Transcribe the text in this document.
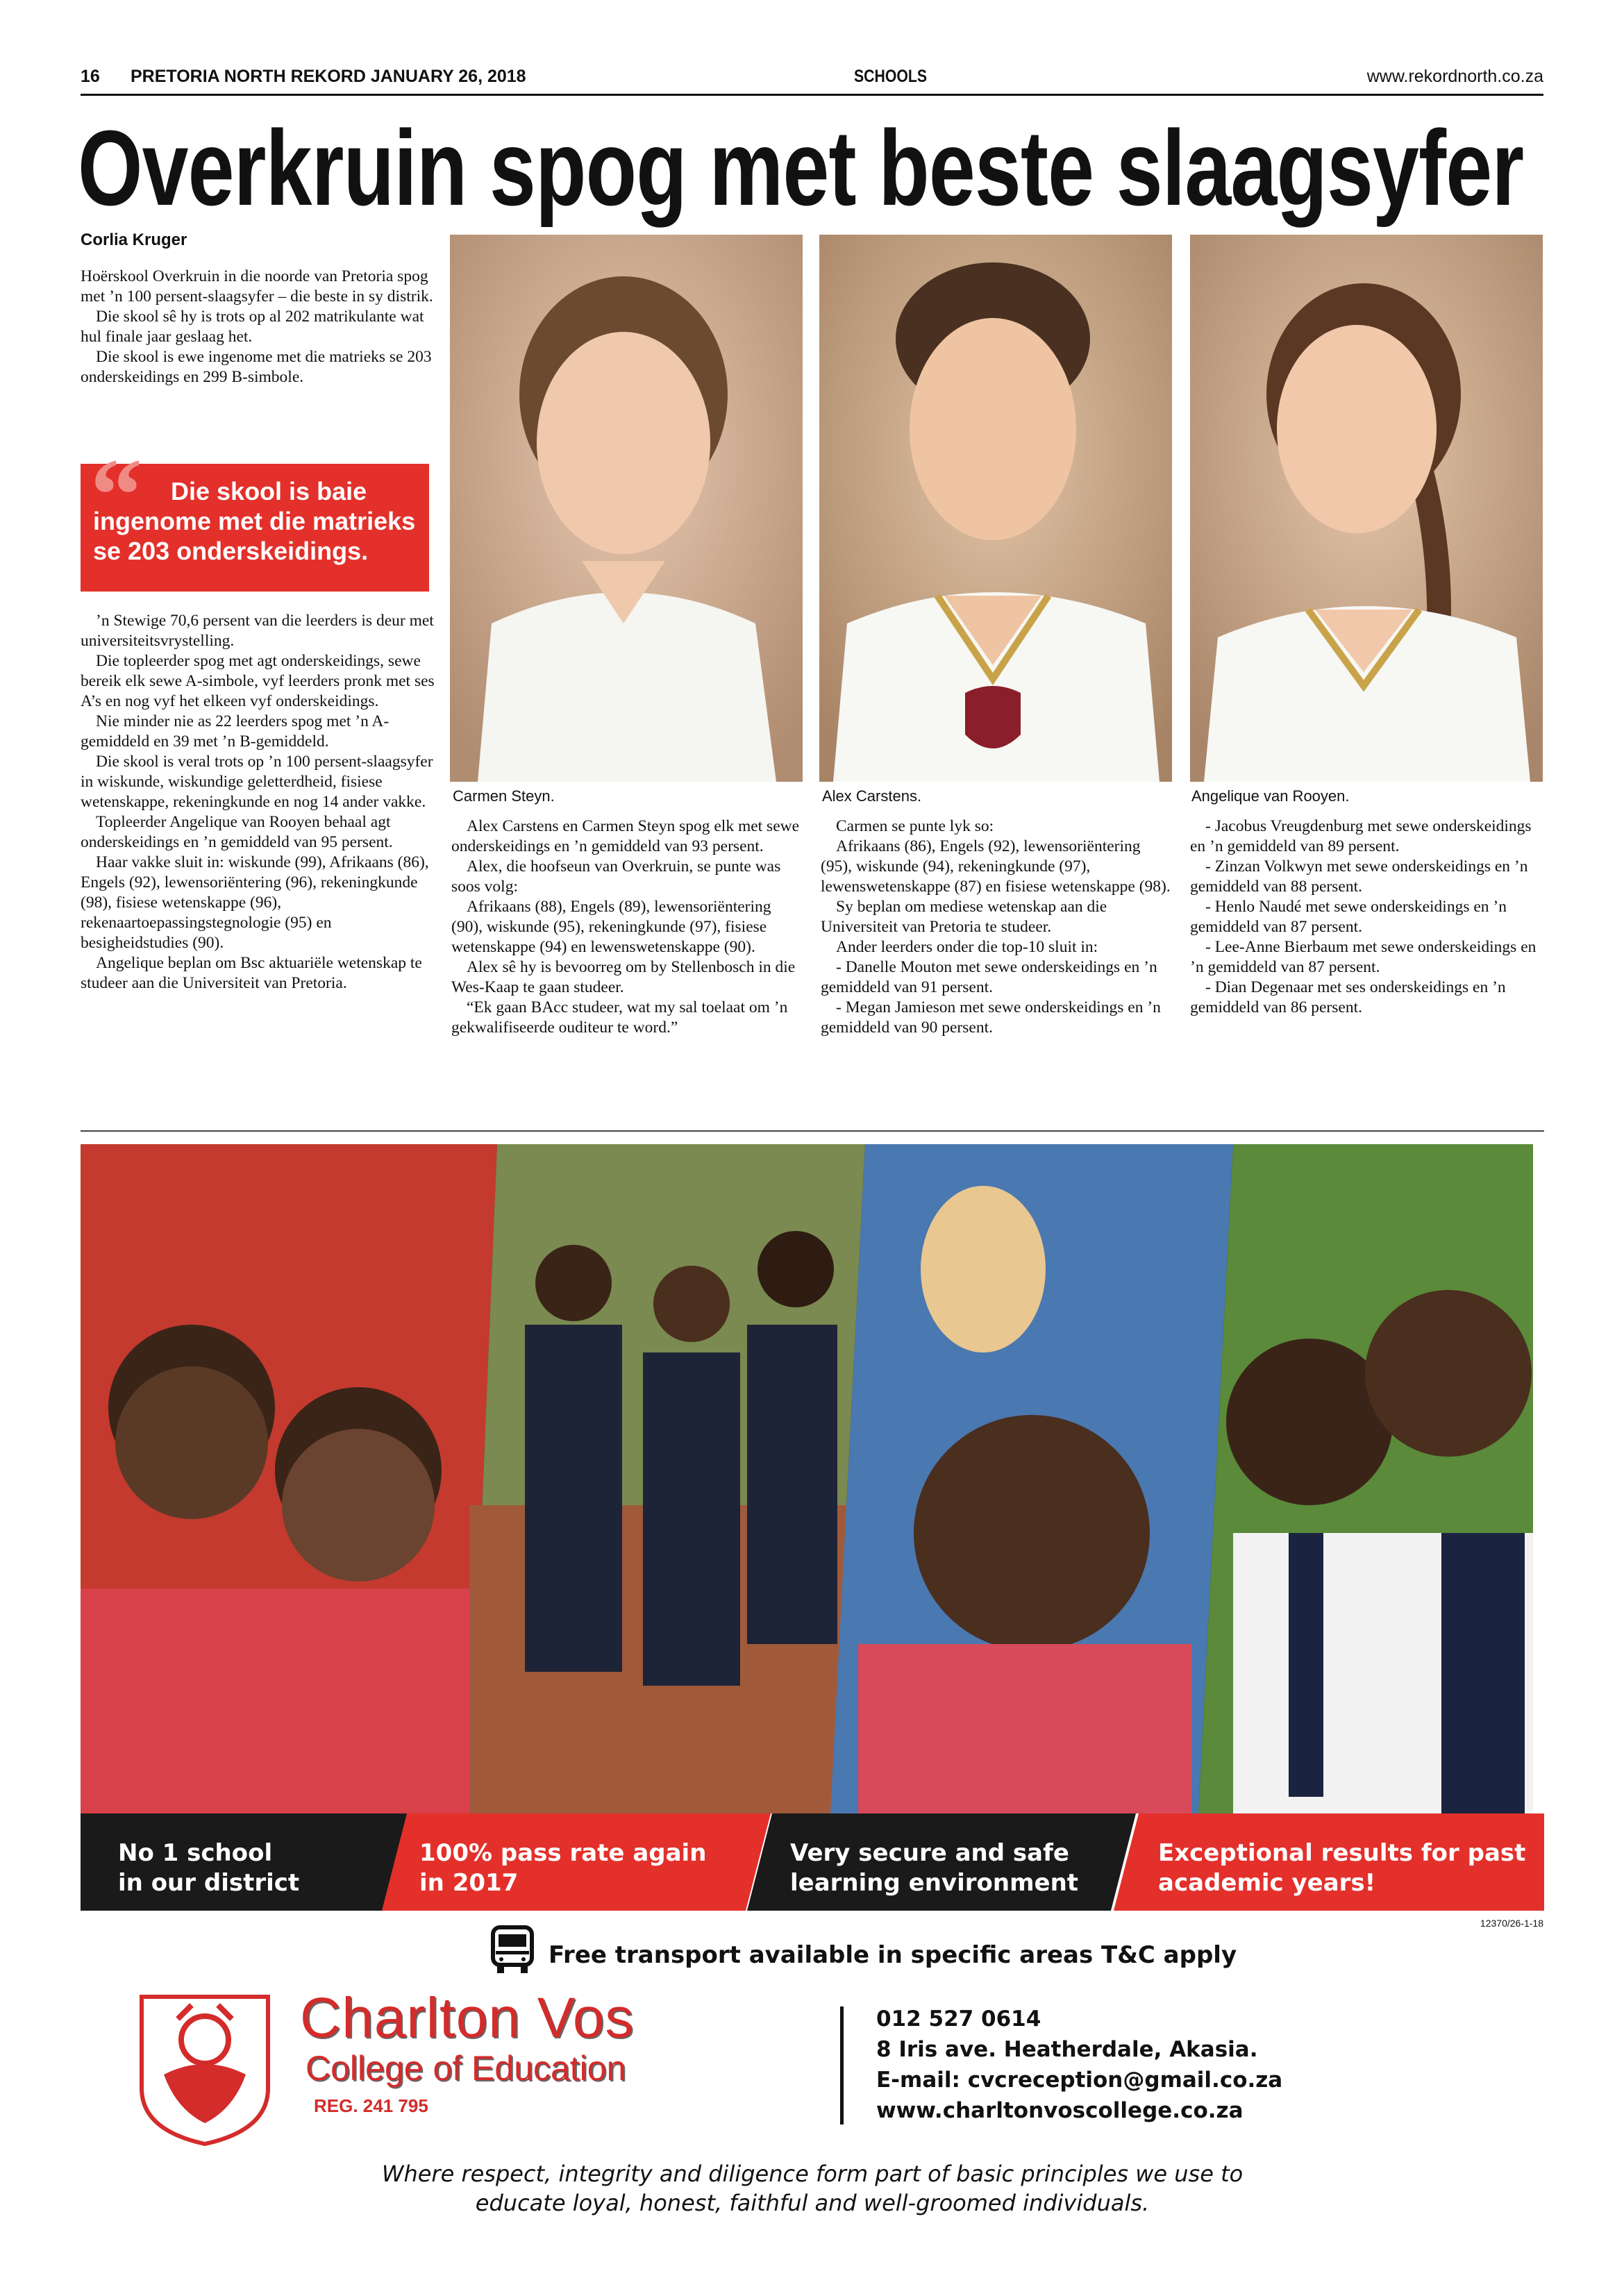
16 PRETORIA NORTH REKORD JANUARY 26, 2018	SCHOOLS	www.rekordnorth.co.za
Overkruin spog met beste slaagsyfer
Corlia Kruger

Hoërskool Overkruin in die noorde van Pretoria spog met ’n 100 persent-slaagsyfer – die beste in sy distrik.

Die skool sê hy is trots op al 202 matrikulante wat hul finale jaar geslaag het.

Die skool is ewe ingenome met die matrieks se 203 onderskeidings en 299 B-simbole.

“	Die skool is baie ingenome met die matrieks se 203 onderskeidings.

’n Stewige 70,6 persent van die leerders is deur met universiteitsvrystelling.

Die topleerder spog met agt onderskeidings, sewe bereik elk sewe A-simbole, vyf leerders pronk met ses A’s en nog vyf het elkeen vyf onderskeidings.

Nie minder nie as 22 leerders spog met ’n A-gemiddeld en 39 met ’n B-gemiddeld.

Die skool is veral trots op ’n 100 persent-slaagsyfer in wiskunde, wiskundige geletterdheid, fisiese wetenskappe, rekeningkunde en nog 14 ander vakke.

Topleerder Angelique van Rooyen behaal agt onderskeidings en ’n gemiddeld van 95 persent.

Haar vakke sluit in: wiskunde (99), Afrikaans (86), Engels (92), lewensoriëntering (96), rekeningkunde (98), fisiese wetenskappe (96), rekenaartoepassingstegnologie (95) en besigheidstudies (90).

Angelique beplan om Bsc aktuariële wetenskap te studeer aan die Universiteit van Pretoria.

Carmen Steyn.	Alex Carstens.	Angelique van Rooyen.

Alex Carstens en Carmen Steyn spog elk met sewe onderskeidings en ’n gemiddeld van 93 persent.

Alex, die hoofseun van Overkruin, se punte was soos volg:

Afrikaans (88), Engels (89), lewensoriëntering (90), wiskunde (95), rekeningkunde (97), fisiese wetenskappe (94) en lewenswetenskappe (90).

Alex sê hy is bevoorreg om by Stellenbosch in die Wes-Kaap te gaan studeer.

“Ek gaan BAcc studeer, wat my sal toelaat om ’n gekwalifiseerde ouditeur te word.”

Carmen se punte lyk so:

Afrikaans (86), Engels (92), lewensoriëntering (95), wiskunde (94), rekeningkunde (97), lewenswetenskappe (87) en fisiese wetenskappe (98).

Sy beplan om mediese wetenskap aan die Universiteit van Pretoria te studeer.

Ander leerders onder die top-10 sluit in:

- Danelle Mouton met sewe onderskeidings en ’n gemiddeld van 91 persent.

- Megan Jamieson met sewe onderskeidings en ’n gemiddeld van 90 persent.

- Jacobus Vreugdenburg met sewe onderskeidings en ’n gemiddeld van 89 persent.

- Zinzan Volkwyn met sewe onderskeidings en ’n gemiddeld van 88 persent.

- Henlo Naudé met sewe onderskeidings en ’n gemiddeld van 87 persent.

- Lee-Anne Bierbaum met sewe onderskeidings en ’n gemiddeld van 87 persent.

- Dian Degenaar met ses onderskeidings en ’n gemiddeld van 86 persent.

No 1 school
in our district
100% pass rate again
in 2017
Very secure and safe
learning environment
Exceptional results for past
academic years!
12370/26-1-18
Free transport available in specific areas T&C apply
Charlton Vos
College of Education
REG. 241 795
012 527 0614
8 Iris ave. Heatherdale, Akasia.
E-mail: cvcreception@gmail.co.za
www.charltonvoscollege.co.za
Where respect, integrity and diligence form part of basic principles we use to
educate loyal, honest, faithful and well-groomed individuals.
